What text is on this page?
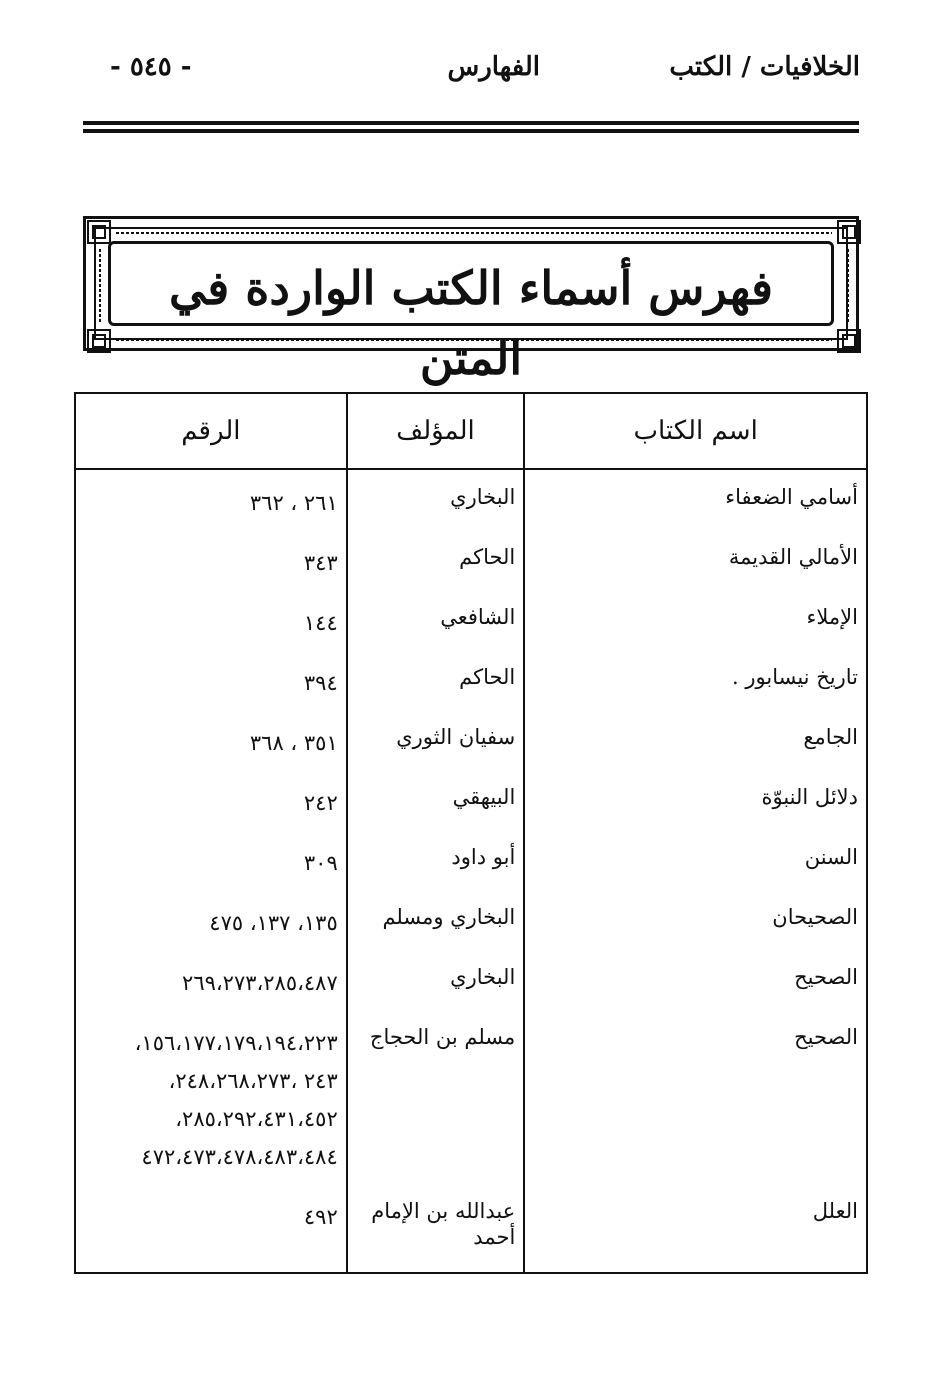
الخلافيات / الكتب
الفهارس
- ٥٤٥ -
فهرس أسماء الكتب الواردة في المتن
اسم الكتاب	المؤلف	الرقم
أسامي الضعفاء	البخاري	٢٦١ ، ٣٦٢

الأمالي القديمة	الحاكم	٣٤٣

الإملاء	الشافعي	١٤٤

تاريخ نيسابور .	الحاكم	٣٩٤

الجامع	سفيان الثوري	٣٥١ ، ٣٦٨

دلائل النبوّة	البيهقي	٢٤٢

السنن	أبو داود	٣٠٩

الصحيحان	البخاري ومسلم	١٣٥، ١٣٧، ٤٧٥

الصحيح	البخاري	٢٦٩،٢٧٣،٢٨٥،٤٨٧

الصحيح	مسلم بن الحجاج	١٥٦،١٧٧،١٧٩،١٩٤،٢٢٣،
٢٤٣ ،٢٤٨،٢٦٨،٢٧٣،
٢٨٥،٢٩٢،٤٣١،٤٥٢،
٤٧٢،٤٧٣،٤٧٨،٤٨٣،٤٨٤

العلل	عبدالله بن الإمام أحمد	٤٩٢
